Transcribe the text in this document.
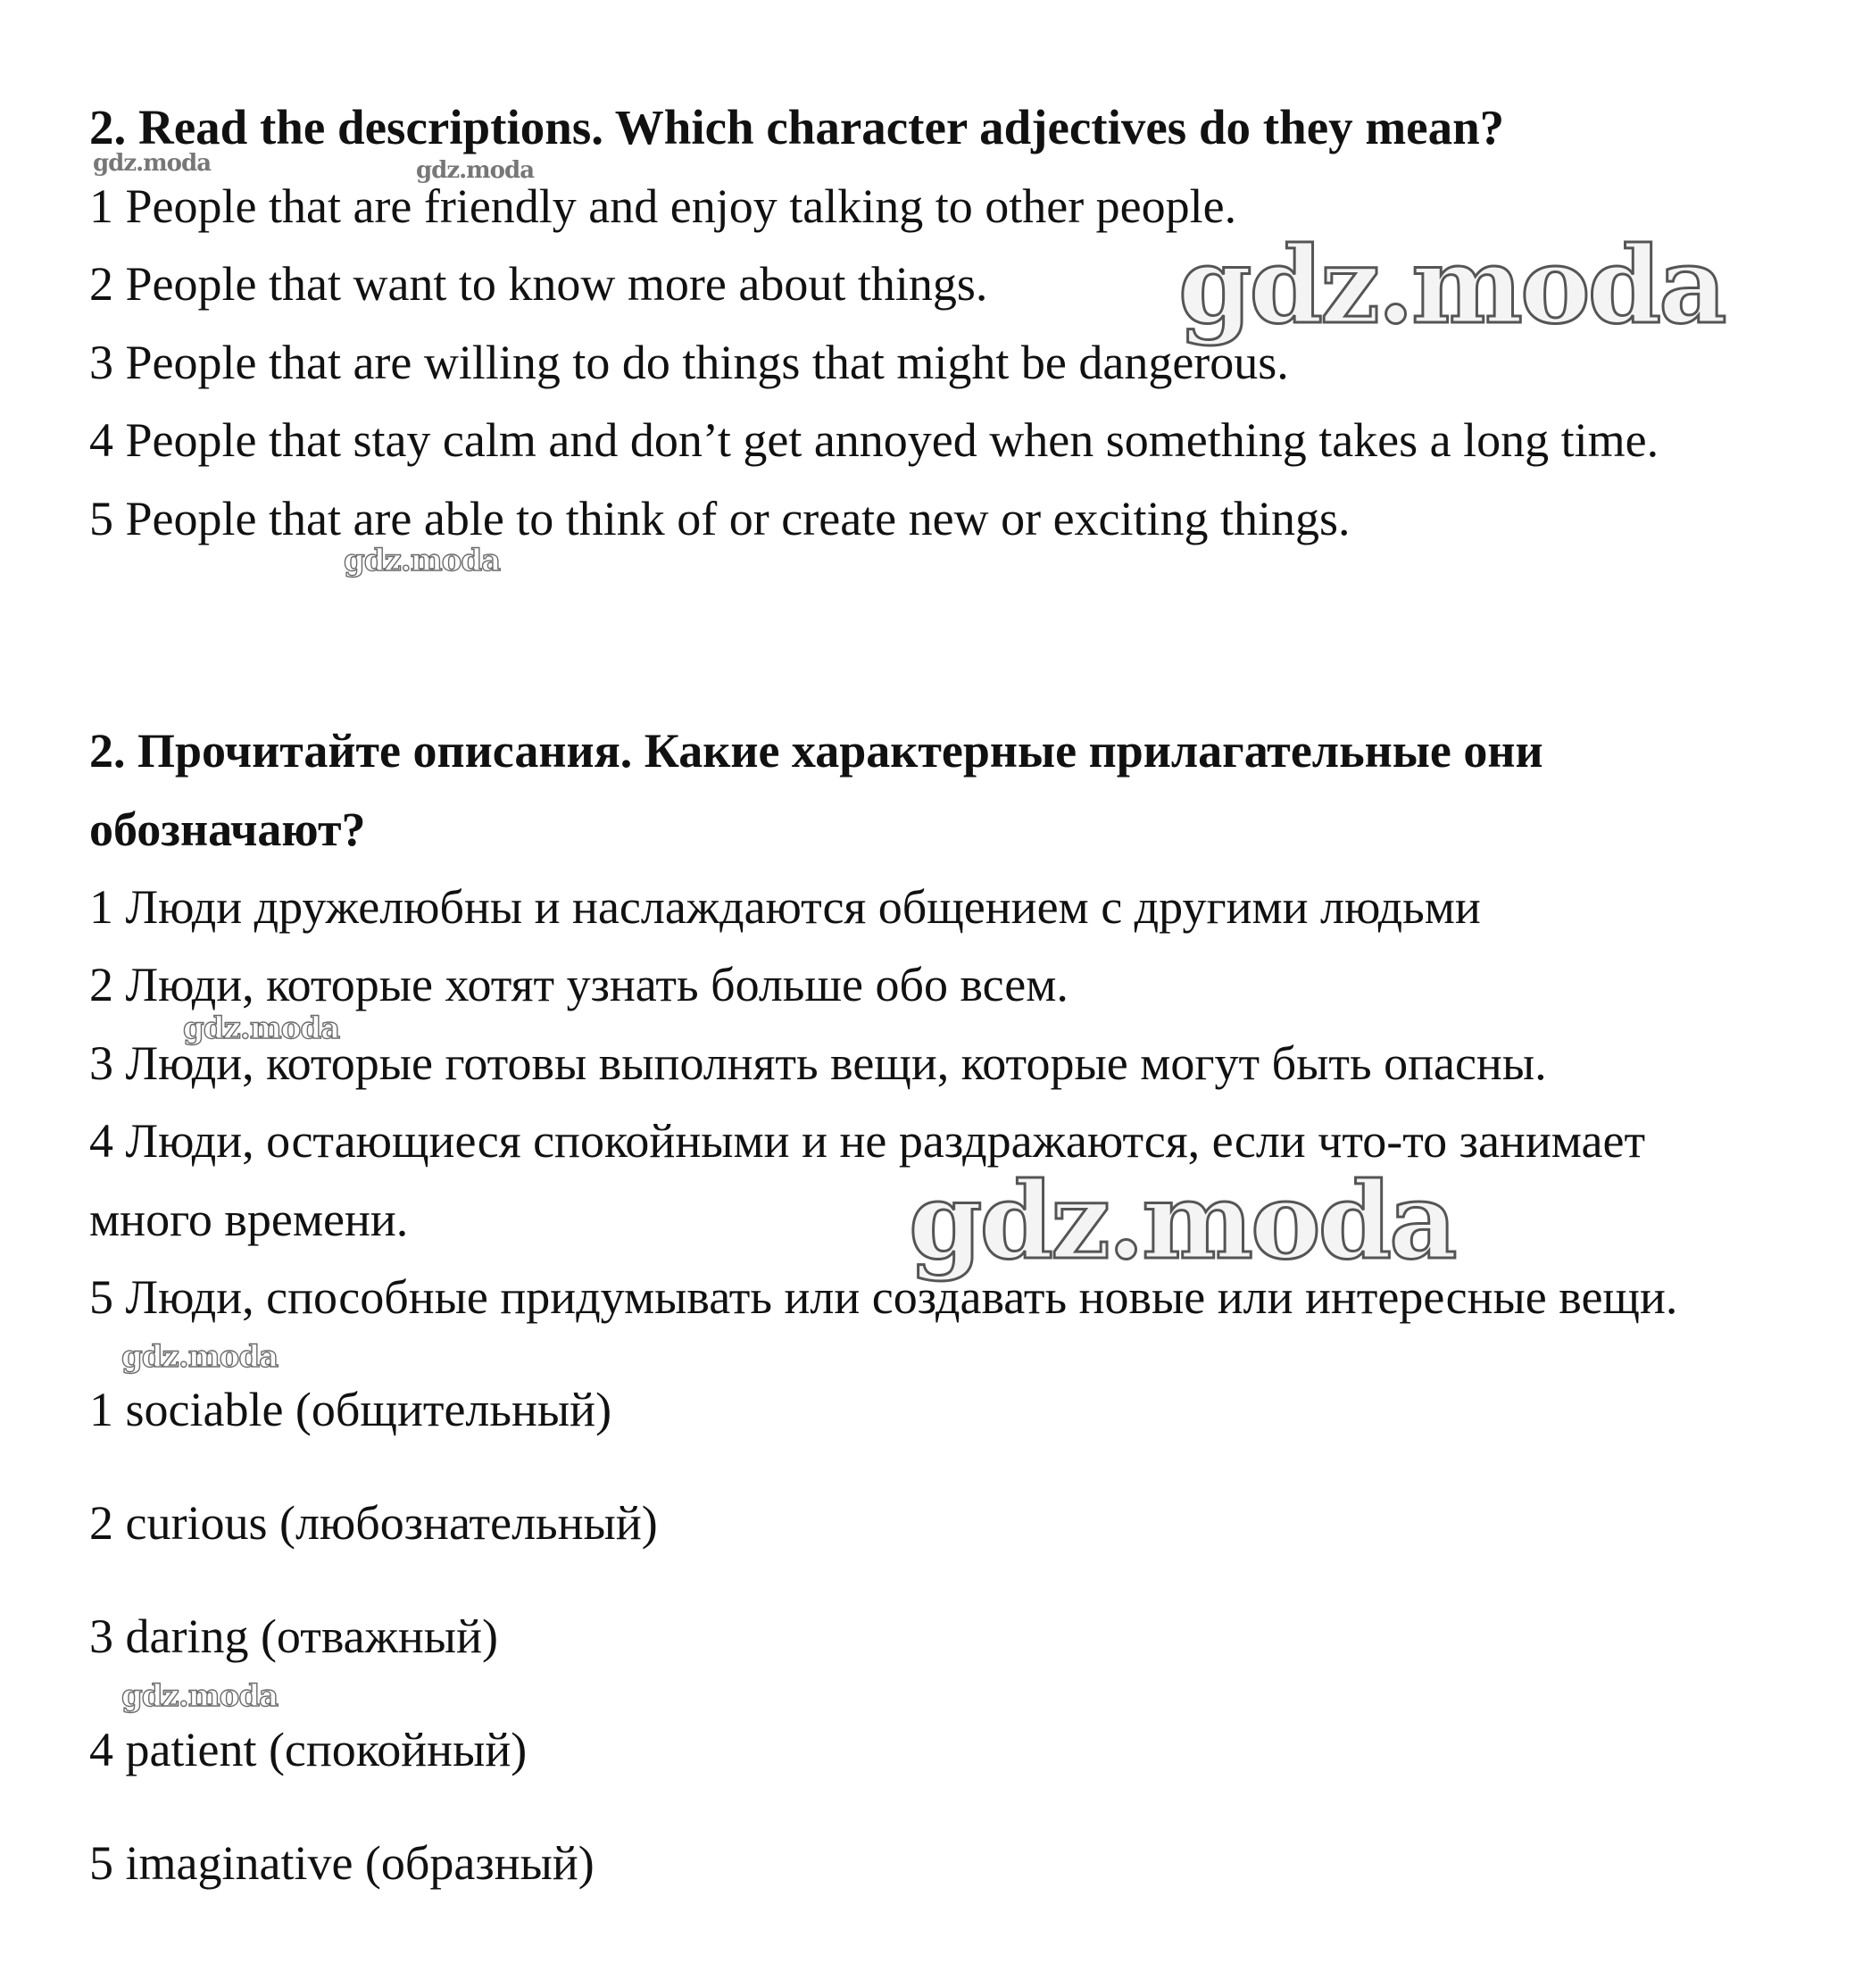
2. Read the descriptions. Which character adjectives do they mean?

1 People that are friendly and enjoy talking to other people.

2 People that want to know more about things.

3 People that are willing to do things that might be dangerous.

4 People that stay calm and don’t get annoyed when something takes a long time.

5 People that are able to think of or create new or exciting things.

2. Прочитайте описания. Какие характерные прилагательные они

обозначают?

1 Люди дружелюбны и наслаждаются общением с другими людьми

2 Люди, которые хотят узнать больше обо всем.

3 Люди, которые готовы выполнять вещи, которые могут быть опасны.

4 Люди, остающиеся спокойными и не раздражаются, если что-то занимает

много времени.

5 Люди, способные придумывать или создавать новые или интересные вещи.

1 sociable (общительный)

2 curious (любознательный)

3 daring (отважный)

4 patient (спокойный)

5 imaginative (образный)

gdz.moda	gdz.moda
gdz.moda
gdz.moda
gdz.moda
gdz.moda
gdz.moda
gdz.moda
